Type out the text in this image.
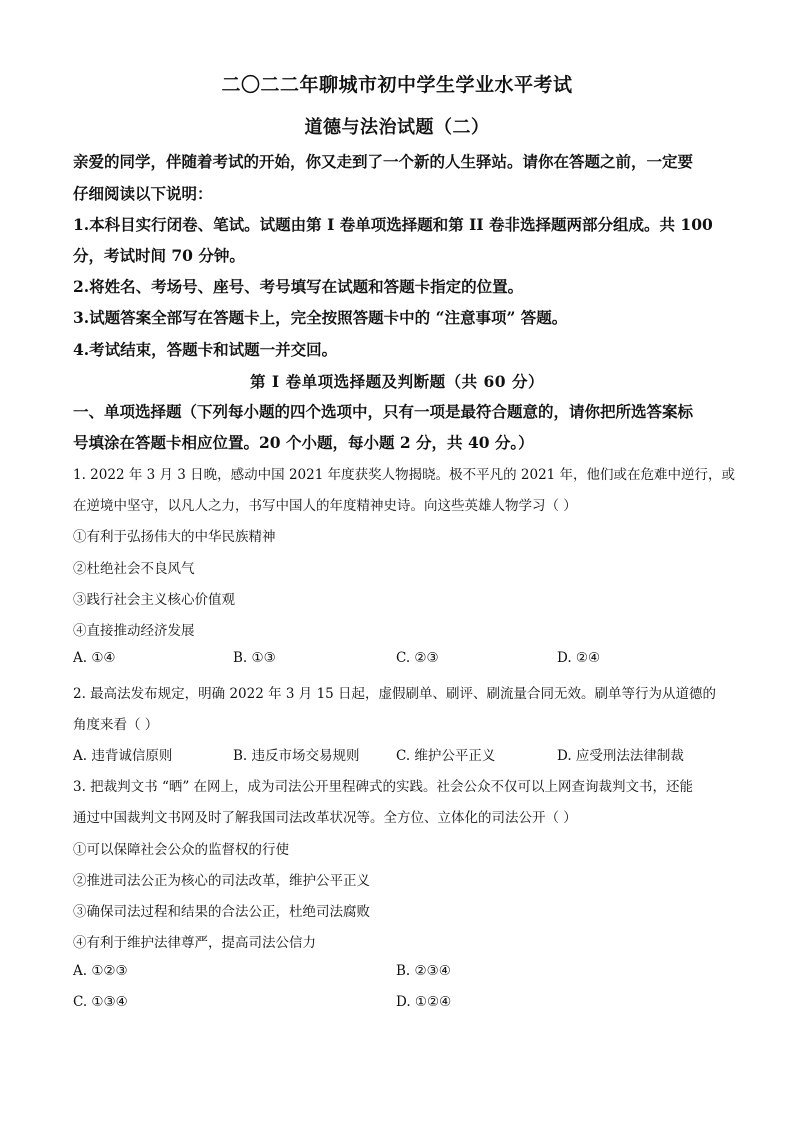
二〇二二年聊城市初中学生学业水平考试
道德与法治试题（二）
亲爱的同学，伴随着考试的开始，你又走到了一个新的人生驿站。请你在答题之前，一定要
仔细阅读以下说明：
1.本科目实行闭卷、笔试。试题由第 I 卷单项选择题和第 II 卷非选择题两部分组成。共 100
分，考试时间 70 分钟。
2.将姓名、考场号、座号、考号填写在试题和答题卡指定的位置。
3.试题答案全部写在答题卡上，完全按照答题卡中的 “注意事项” 答题。
4.考试结束，答题卡和试题一并交回。
第 I 卷单项选择题及判断题（共 60 分）
一、单项选择题（下列每小题的四个选项中，只有一项是最符合题意的，请你把所选答案标
号填涂在答题卡相应位置。20 个小题，每小题 2 分，共 40 分。）
1. 2022 年 3 月 3 日晚，感动中国 2021 年度获奖人物揭晓。极不平凡的 2021 年，他们或在危难中逆行，或
在逆境中坚守，以凡人之力，书写中国人的年度精神史诗。向这些英雄人物学习（ ）
①有利于弘扬伟大的中华民族精神
②杜绝社会不良风气
③践行社会主义核心价值观
④直接推动经济发展
A. ①④	B. ①③	C. ②③	D. ②④
2. 最高法发布规定，明确 2022 年 3 月 15 日起，虚假刷单、刷评、刷流量合同无效。刷单等行为从道德的
角度来看（ ）
A. 违背诚信原则	B. 违反市场交易规则	C. 维护公平正义	D. 应受刑法法律制裁
3. 把裁判文书 “晒” 在网上，成为司法公开里程碑式的实践。社会公众不仅可以上网查询裁判文书，还能
通过中国裁判文书网及时了解我国司法改革状况等。全方位、立体化的司法公开（ ）
①可以保障社会公众的监督权的行使
②推进司法公正为核心的司法改革，维护公平正义
③确保司法过程和结果的合法公正，杜绝司法腐败
④有利于维护法律尊严，提高司法公信力
A. ①②③	B. ②③④
C. ①③④	D. ①②④
